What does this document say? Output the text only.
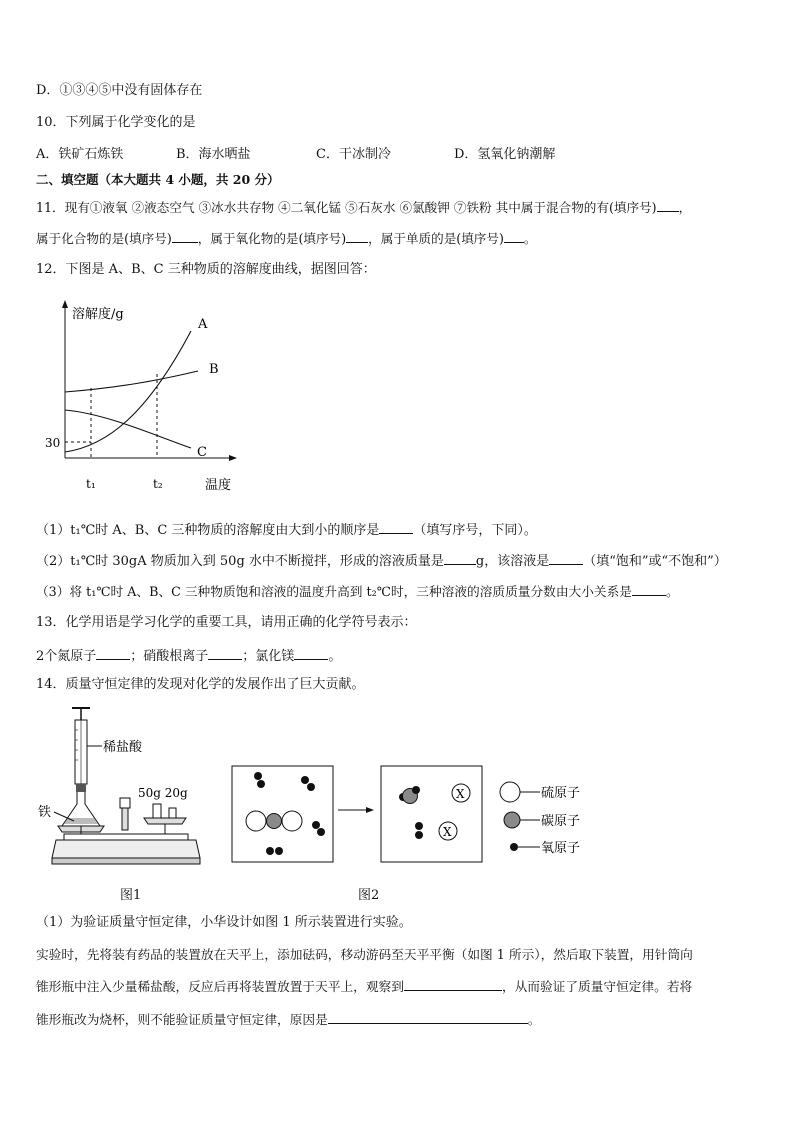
D．①③④⑤中没有固体存在
10．下列属于化学变化的是
A．铁矿石炼铁	B．海水晒盐	C．干冰制冷	D．氢氧化钠潮解
二、填空题（本大题共 4 小题，共 20 分）
11．现有①液氧 ②液态空气 ③冰水共存物 ④二氧化锰 ⑤石灰水 ⑥氯酸钾 ⑦铁粉 其中属于混合物的有(填序号) ，
属于化合物的是(填序号) ，属于氧化物的是(填序号) ，属于单质的是(填序号) 。
12．下图是 A、B、C 三种物质的溶解度曲线，据图回答：
溶解度/g
30
t₁	t₂	温度
A
B
C
（1）t₁℃时 A、B、C 三种物质的溶解度由大到小的顺序是	（填写序号，下同）。
（2）t₁℃时 30gA 物质加入到 50g 水中不断搅拌，形成的溶液质量是 g，该溶液是	（填“饱和”或“不饱和”）
（3）将 t₁℃时 A、B、C 三种物质饱和溶液的温度升高到 t₂℃时，三种溶液的溶质质量分数由大小关系是	。
13．化学用语是学习化学的重要工具，请用正确的化学符号表示：
2个氮原子	；硝酸根离子	；氯化镁	。
14．质量守恒定律的发现对化学的发展作出了巨大贡献。
稀盐酸
铁
50g 20g
图1
X
X
硫原子
碳原子
氧原子
图2
（1）为验证质量守恒定律，小华设计如图 1 所示装置进行实验。
实验时，先将装有药品的装置放在天平上，添加砝码，移动游码至天平平衡（如图 1 所示），然后取下装置，用针筒向
锥形瓶中注入少量稀盐酸，反应后再将装置放置于天平上，观察到	，从而验证了质量守恒定律。若将
锥形瓶改为烧杯，则不能验证质量守恒定律，原因是	。
